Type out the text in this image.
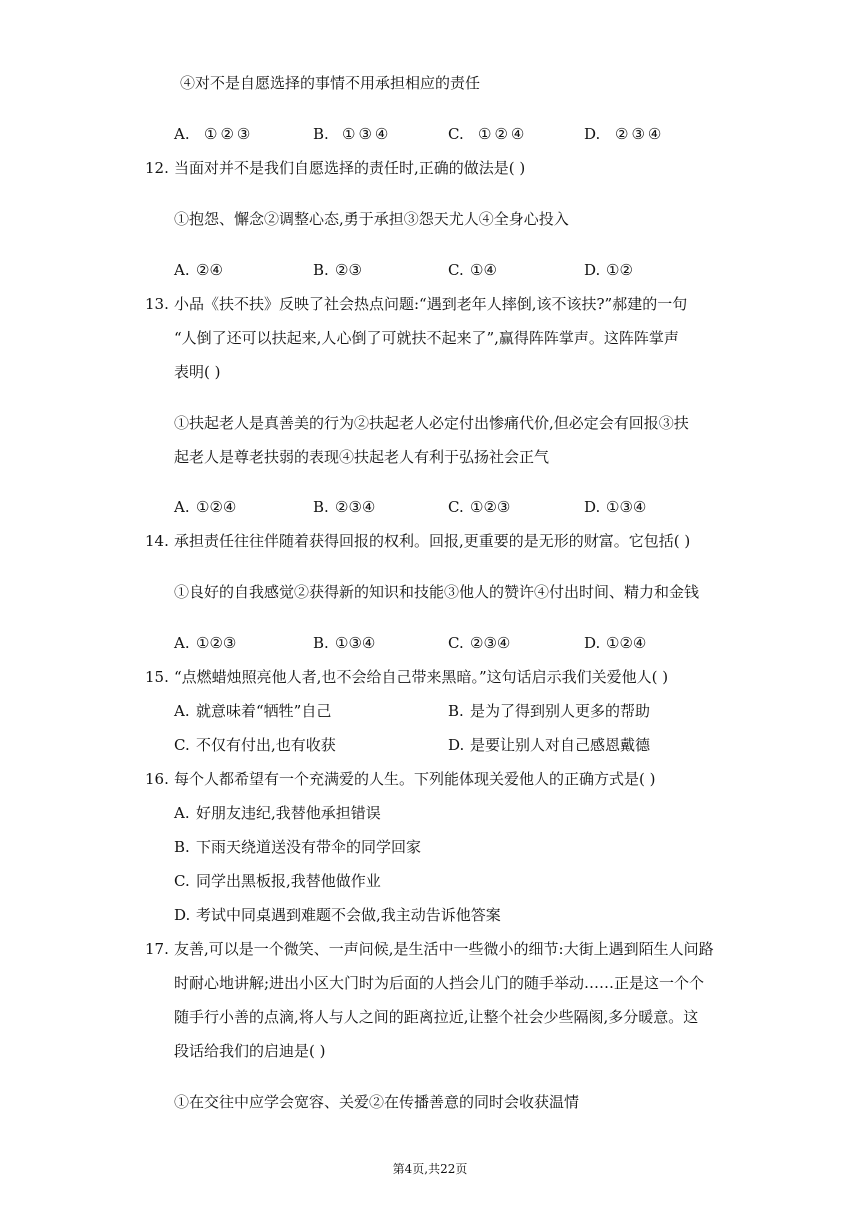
④对不是自愿选择的事情不用承担相应的责任
A. ①②③	B. ①③④	C. ①②④	D. ②③④
12. 当面对并不是我们自愿选择的责任时,正确的做法是( )
①抱怨、懈念②调整心态,勇于承担③怨天尤人④全身心投入
A. ②④	B. ②③	C. ①④	D. ①②
13. 小品《扶不扶》反映了社会热点问题:“遇到老年人摔倒,该不该扶?”郝建的一句
“人倒了还可以扶起来,人心倒了可就扶不起来了”,赢得阵阵掌声。这阵阵掌声
表明( )
①扶起老人是真善美的行为②扶起老人必定付出惨痛代价,但必定会有回报③扶
起老人是尊老扶弱的表现④扶起老人有利于弘扬社会正气
A. ①②④	B. ②③④	C. ①②③	D. ①③④
14. 承担责任往往伴随着获得回报的权利。回报,更重要的是无形的财富。它包括( )
①良好的自我感觉②获得新的知识和技能③他人的赞许④付出时间、精力和金钱
A. ①②③	B. ①③④	C. ②③④	D. ①②④
15. “点燃蜡烛照亮他人者,也不会给自己带来黑暗。”这句话启示我们关爱他人( )
A. 就意味着“牺牲”自己	B. 是为了得到别人更多的帮助
C. 不仅有付出,也有收获	D. 是要让别人对自己感恩戴德
16. 每个人都希望有一个充满爱的人生。下列能体现关爱他人的正确方式是( )
A. 好朋友违纪,我替他承担错误
B. 下雨天绕道送没有带伞的同学回家
C. 同学出黑板报,我替他做作业
D. 考试中同桌遇到难题不会做,我主动告诉他答案
17. 友善,可以是一个微笑、一声问候,是生活中一些微小的细节:大街上遇到陌生人问路
时耐心地讲解;进出小区大门时为后面的人挡会儿门的随手举动……正是这一个个
随手行小善的点滴,将人与人之间的距离拉近,让整个社会少些隔阂,多分暖意。这
段话给我们的启迪是( )
①在交往中应学会宽容、关爱②在传播善意的同时会收获温情
第4页,共22页
